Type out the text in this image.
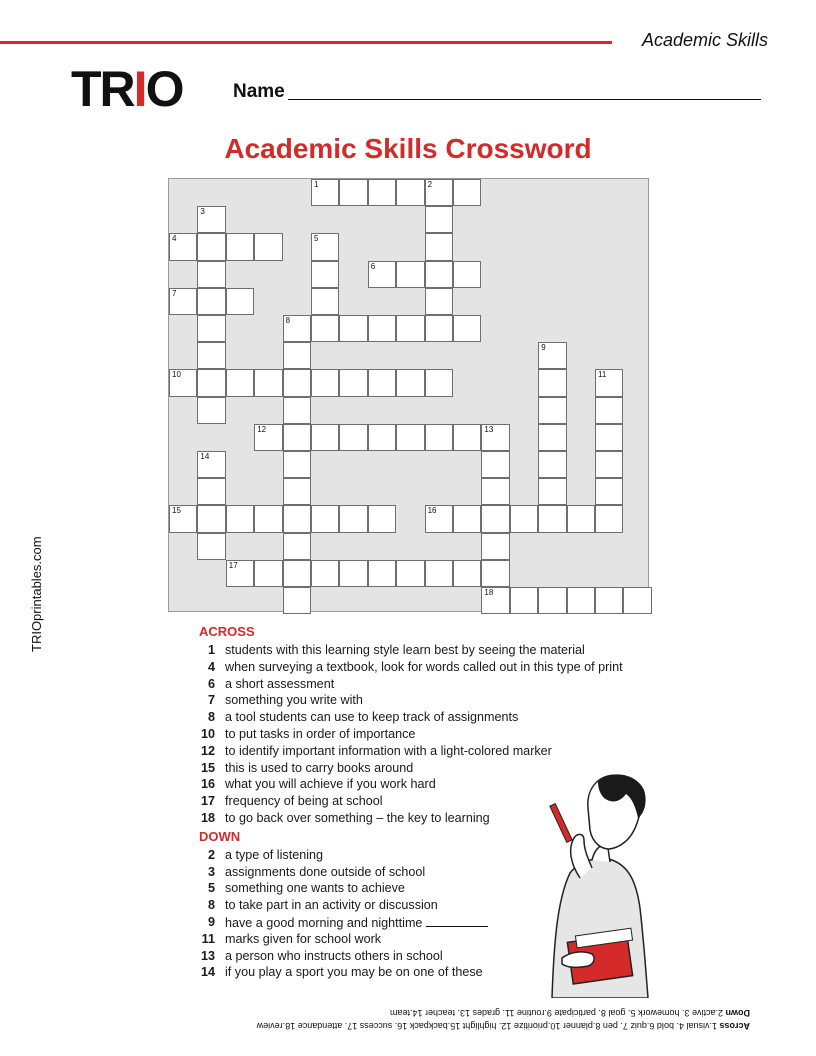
Academic Skills
TRIO	Name
Academic Skills Crossword
TRIOprintables.com
1	2
3
4	5
6
7
8
9
10	11
12	13
14
15	16
17
18
ACROSS
1 students with this learning style learn best by seeing the material
4 when surveying a textbook, look for words called out in this type of print
6 a short assessment
7 something you write with
8 a tool students can use to keep track of assignments
10 to put tasks in order of importance
12 to identify important information with a light-colored marker
15 this is used to carry books around
16 what you will achieve if you work hard
17 frequency of being at school
18 to go back over something – the key to learning
DOWN
2 a type of listening
3 assignments done outside of school
5 something one wants to achieve
8 to take part in an activity or discussion
9 have a good morning and nighttime
11 marks given for school work
13 a person who instructs others in school
14 if you play a sport you may be on one of these
Across 1.visual 4. bold 6.quiz 7. pen 8.planner 10.prioritize 12. highlight 15.backpack 16. success 17. attendance 18.review
Down 2.active 3. homework 5. goal 8. participate 9.routine 11. grades 13. teacher 14.team
